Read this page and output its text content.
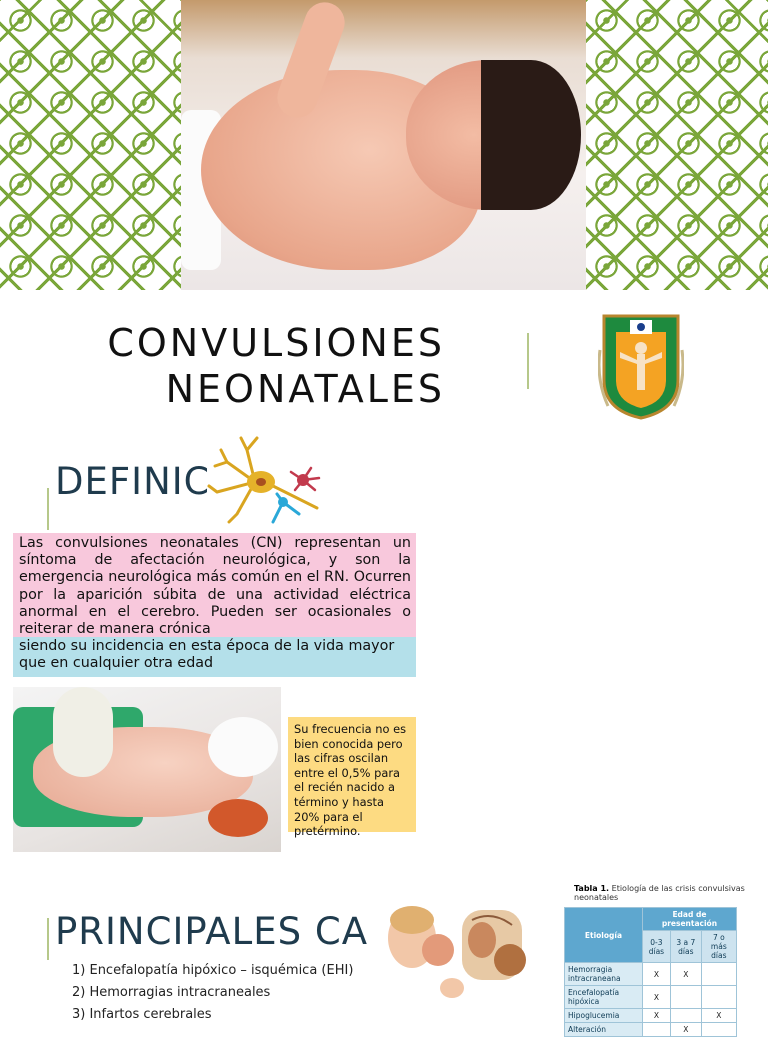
CONVULSIONES
NEONATALES
DEFINIC
Las convulsiones neonatales (CN) representan un síntoma de afectación neurológica, y son la emergencia neurológica más común en el RN. Ocurren por la aparición súbita de una actividad eléctrica anormal en el cerebro. Pueden ser ocasionales o reiterar de manera crónica
siendo su incidencia en esta época de la vida mayor que en cualquier otra edad
Su frecuencia no es bien conocida pero las cifras oscilan entre el 0,5% para el recién nacido a término y hasta 20% para el pretérmino.
PRINCIPALES CA
1) Encefalopatía hipóxico – isquémica (EHI)
2) Hemorragias intracraneales
3) Infartos cerebrales
Tabla 1. Etiología de las crisis convulsivas neonatales
Etiología	Edad de presentación		
	0-3 días	3 a 7 días	7 o más días
Hemorragia intracraneana	X	X	
Encefalopatía hipóxica	X		
Hipoglucemia	X		X
Alteración		X	
